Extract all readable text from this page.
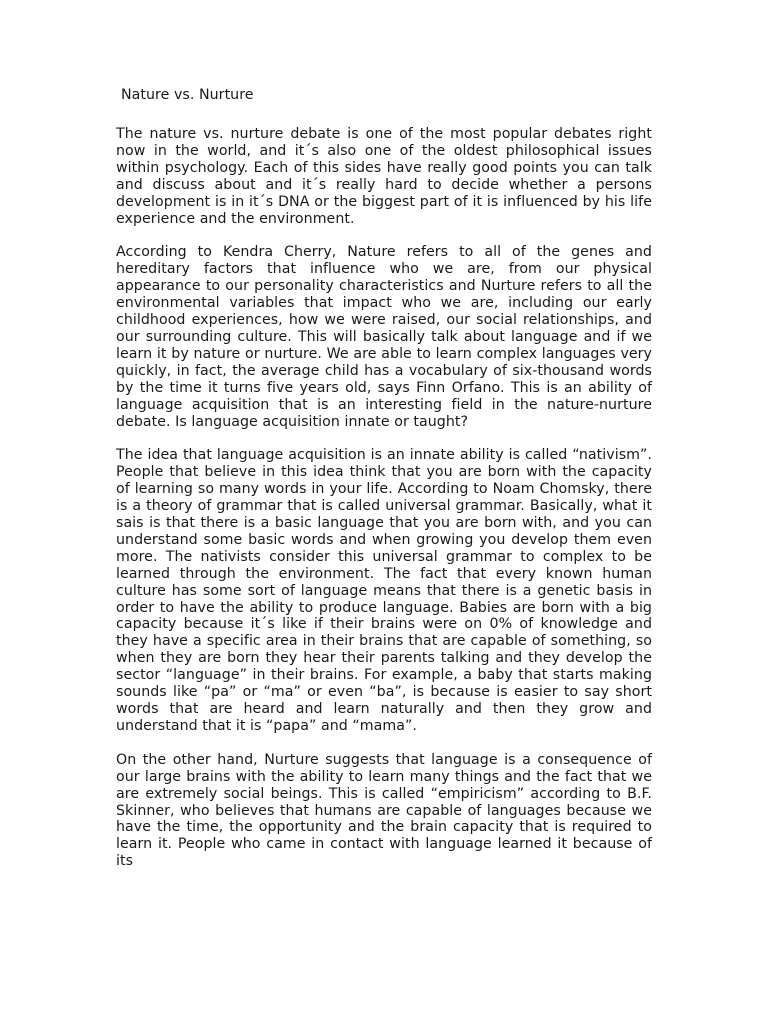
Nature vs. Nurture

The nature vs. nurture debate is one of the most popular debates right now in the world, and it´s also one of the oldest philosophical issues within psychology. Each of this sides have really good points you can talk and discuss about and it´s really hard to decide whether a persons development is in it´s DNA or the biggest part of it is influenced by his life experience and the environment.

According to Kendra Cherry, Nature refers to all of the genes and hereditary factors that influence who we are, from our physical appearance to our personality characteristics and Nurture refers to all the environmental variables that impact who we are, including our early childhood experiences, how we were raised, our social relationships, and our surrounding culture. This will basically talk about language and if we learn it by nature or nurture. We are able to learn complex languages very quickly, in fact, the average child has a vocabulary of six-thousand words by the time it turns five years old, says Finn Orfano. This is an ability of language acquisition that is an interesting field in the nature-nurture debate. Is language acquisition innate or taught?

The idea that language acquisition is an innate ability is called “nativism”. People that believe in this idea think that you are born with the capacity of learning so many words in your life. According to Noam Chomsky, there is a theory of grammar that is called universal grammar. Basically, what it sais is that there is a basic language that you are born with, and you can understand some basic words and when growing you develop them even more. The nativists consider this universal grammar to complex to be learned through the environment. The fact that every known human culture has some sort of language means that there is a genetic basis in order to have the ability to produce language. Babies are born with a big capacity because it´s like if their brains were on 0% of knowledge and they have a specific area in their brains that are capable of something, so when they are born they hear their parents talking and they develop the sector “language” in their brains. For example, a baby that starts making sounds like “pa” or “ma” or even “ba”, is because is easier to say short words that are heard and learn naturally and then they grow and understand that it is “papa” and “mama”.

On the other hand, Nurture suggests that language is a consequence of our large brains with the ability to learn many things and the fact that we are extremely social beings. This is called “empiricism” according to B.F. Skinner, who believes that humans are capable of languages because we have the time, the opportunity and the brain capacity that is required to learn it. People who came in contact with language learned it because of its
